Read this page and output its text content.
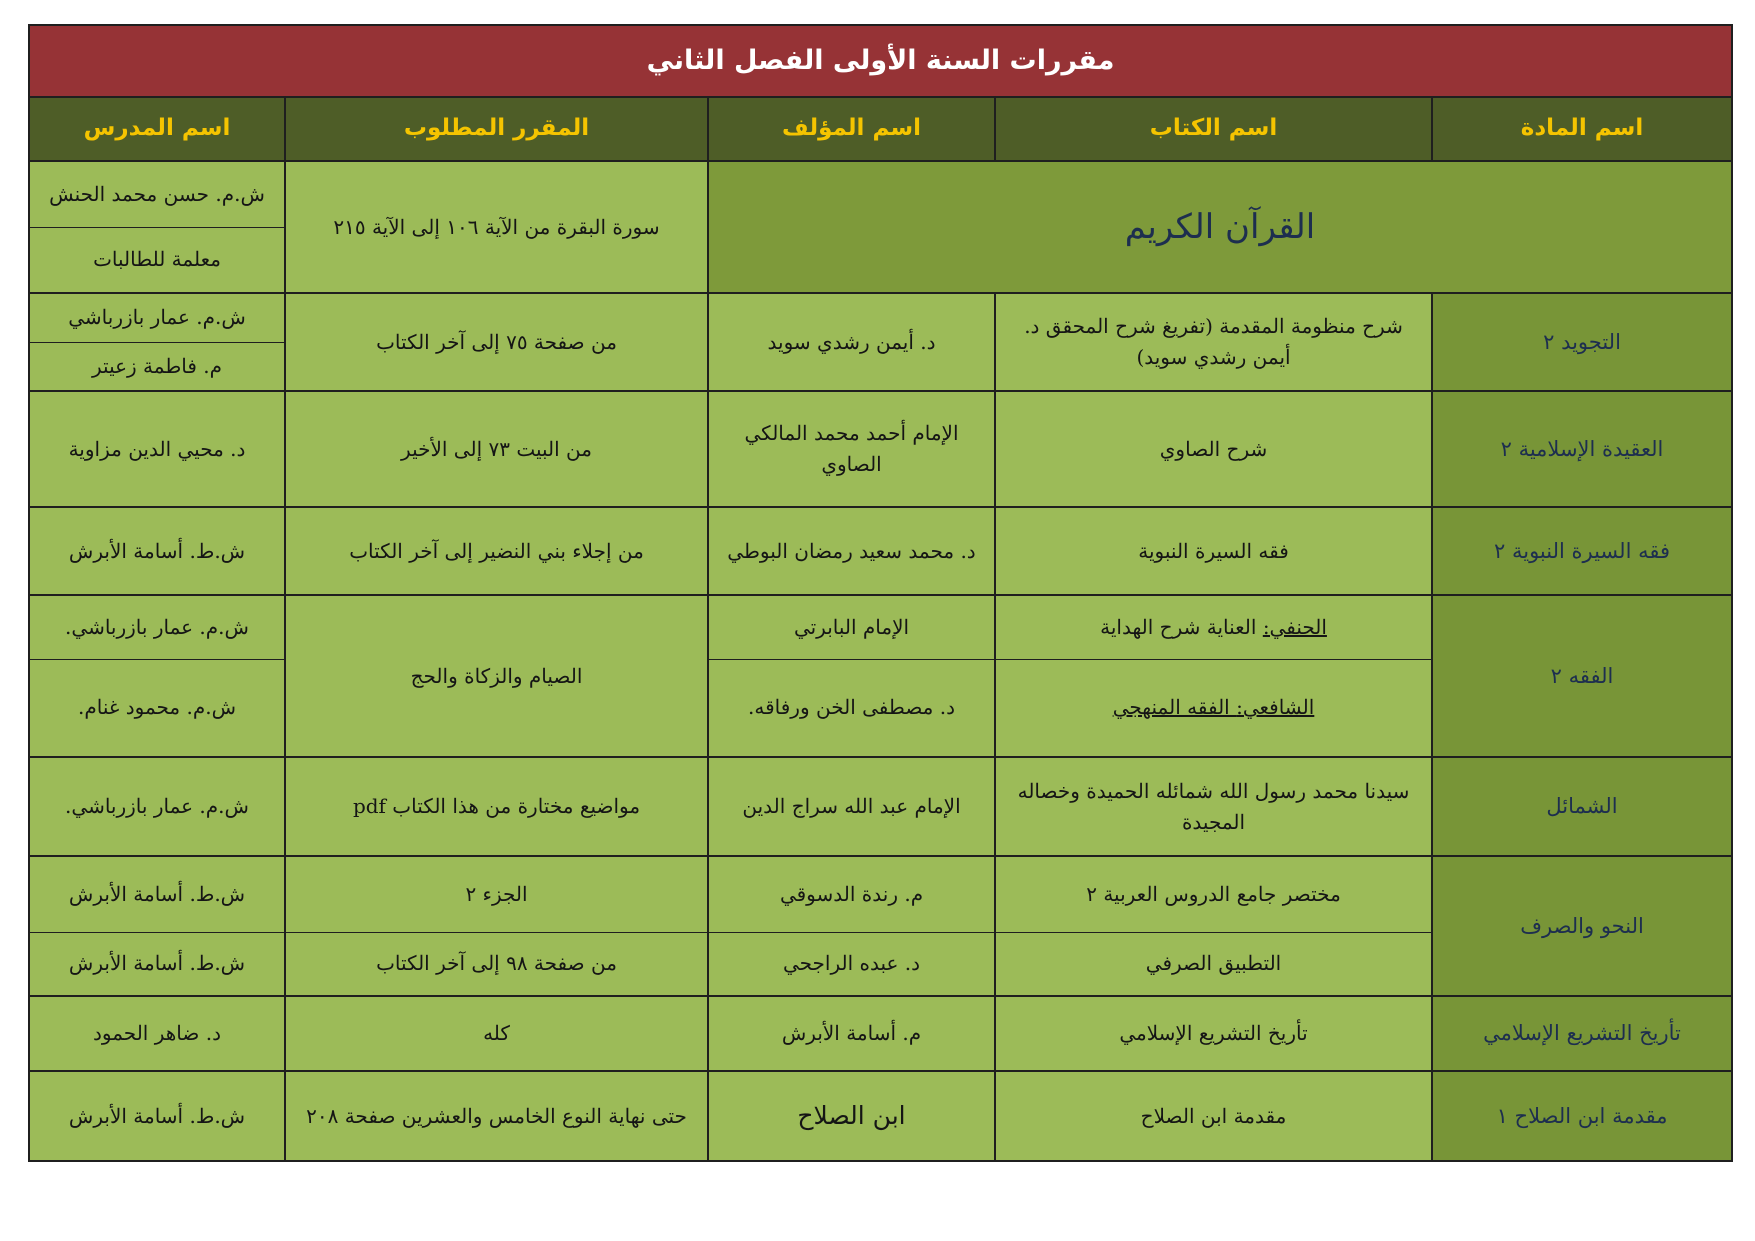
مقررات السنة الأولى الفصل الثاني				
اسم المادة	اسم الكتاب	اسم المؤلف	المقرر المطلوب	اسم المدرس
القرآن الكريم			سورة البقرة من الآية ١٠٦ إلى الآية ٢١٥	ش.م. حسن محمد الحنش
				معلمة للطالبات
التجويد ٢	شرح منظومة المقدمة (تفريغ شرح المحقق د. أيمن رشدي سويد)	د. أيمن رشدي سويد	من صفحة ٧٥ إلى آخر الكتاب	ش.م. عمار بازرباشي
				م. فاطمة زعيتر
العقيدة الإسلامية ٢	شرح الصاوي	الإمام أحمد محمد المالكي الصاوي	من البيت ٧٣ إلى الأخير	د. محيي الدين مزاوية
فقه السيرة النبوية ٢	فقه السيرة النبوية	د. محمد سعيد رمضان البوطي	من إجلاء بني النضير إلى آخر الكتاب	ش.ط. أسامة الأبرش
الفقه ٢	الحنفي: العناية شرح الهداية	الإمام البابرتي	الصيام والزكاة والحج	ش.م. عمار بازرباشي.
	الشافعي: الفقه المنهجي	د. مصطفى الخن ورفاقه.		ش.م. محمود غنام.
الشمائل	سيدنا محمد رسول الله شمائله الحميدة وخصاله المجيدة	الإمام عبد الله سراج الدين	مواضيع مختارة من هذا الكتاب pdf	ش.م. عمار بازرباشي.
النحو والصرف	مختصر جامع الدروس العربية ٢	م. رندة الدسوقي	الجزء ٢	ش.ط. أسامة الأبرش
	التطبيق الصرفي	د. عبده الراجحي	من صفحة ٩٨ إلى آخر الكتاب	ش.ط. أسامة الأبرش
تأريخ التشريع الإسلامي	تأريخ التشريع الإسلامي	م. أسامة الأبرش	كله	د. ضاهر الحمود
مقدمة ابن الصلاح ١	مقدمة ابن الصلاح	ابن الصلاح	حتى نهاية النوع الخامس والعشرين صفحة ٢٠٨	ش.ط. أسامة الأبرش
